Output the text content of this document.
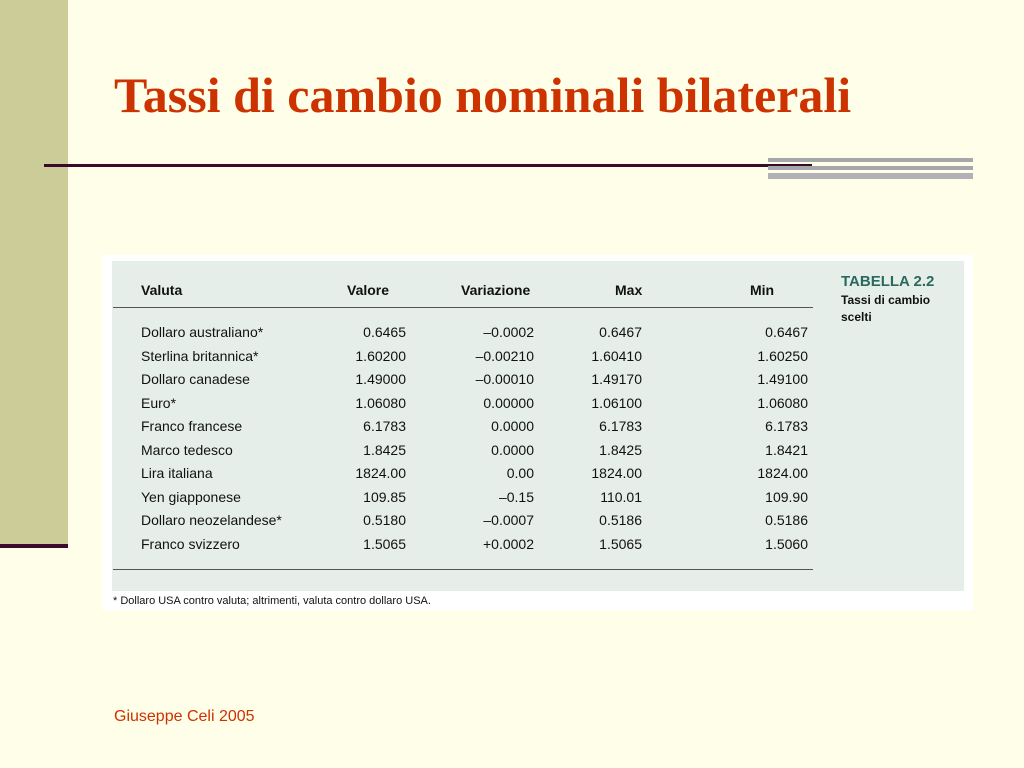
Tassi di cambio nominali bilaterali
Valuta	Valore	Variazione	Max	Min
Dollaro australiano*	0.6465	–0.0002	0.6467	0.6467
Sterlina britannica*	1.60200	–0.00210	1.60410	1.60250
Dollaro canadese	1.49000	–0.00010	1.49170	1.49100
Euro*	1.06080	0.00000	1.06100	1.06080
Franco francese	6.1783	0.0000	6.1783	6.1783
Marco tedesco	1.8425	0.0000	1.8425	1.8421
Lira italiana	1824.00	0.00	1824.00	1824.00
Yen giapponese	109.85	–0.15	110.01	109.90
Dollaro neozelandese*	0.5180	–0.0007	0.5186	0.5186
Franco svizzero	1.5065	+0.0002	1.5065	1.5060
TABELLA 2.2
Tassi di cambio scelti
* Dollaro USA contro valuta; altrimenti, valuta contro dollaro USA.
Giuseppe Celi 2005
